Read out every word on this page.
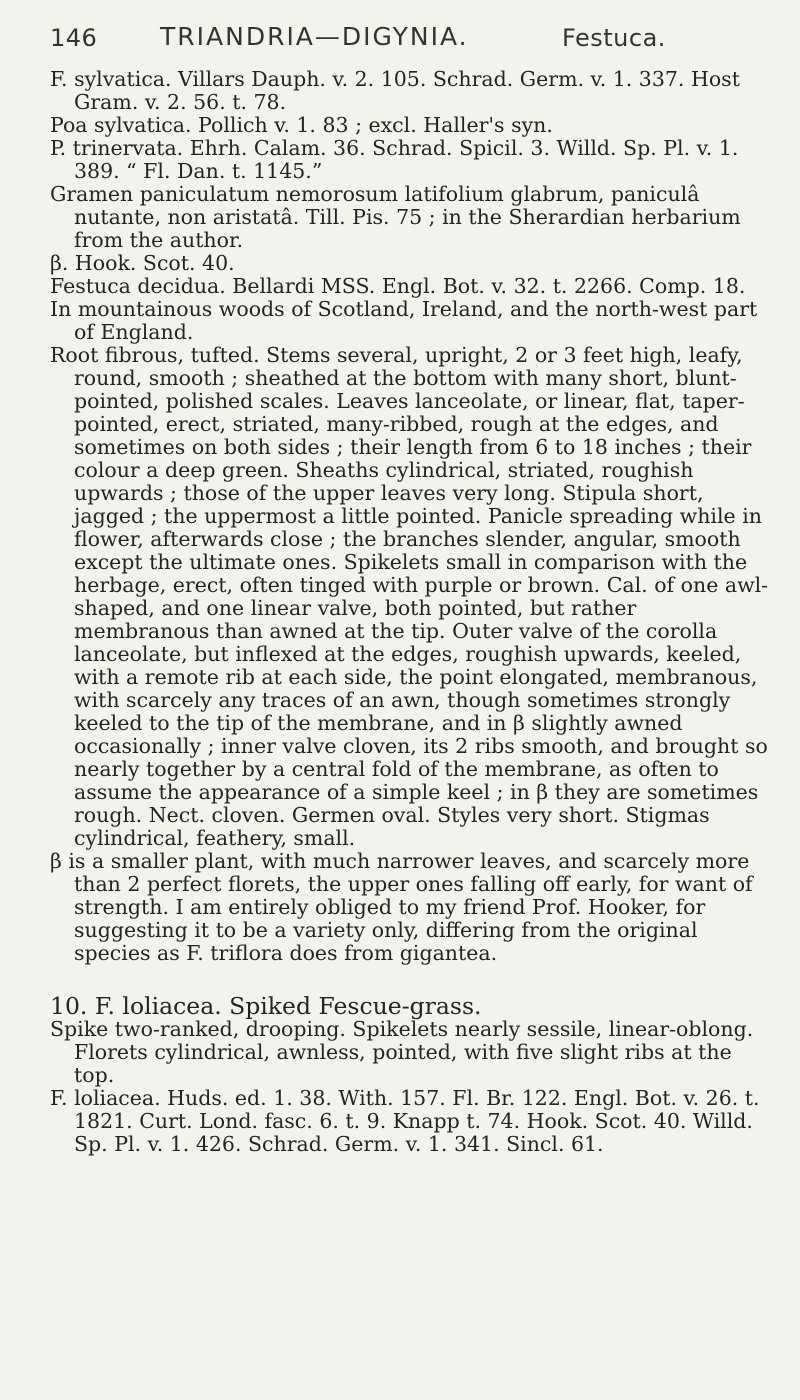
146	TRIANDRIA—DIGYNIA.	Festuca.

F. sylvatica. Villars Dauph. v. 2. 105. Schrad. Germ. v. 1. 337. Host Gram. v. 2. 56. t. 78.

Poa sylvatica. Pollich v. 1. 83 ; excl. Haller's syn.

P. trinervata. Ehrh. Calam. 36. Schrad. Spicil. 3. Willd. Sp. Pl. v. 1. 389. “ Fl. Dan. t. 1145.”

Gramen paniculatum nemorosum latifolium glabrum, paniculâ nutante, non aristatâ. Till. Pis. 75 ; in the Sherardian herbarium from the author.

β. Hook. Scot. 40.

Festuca decidua. Bellardi MSS. Engl. Bot. v. 32. t. 2266. Comp. 18.

In mountainous woods of Scotland, Ireland, and the north-west part of England.

Root fibrous, tufted. Stems several, upright, 2 or 3 feet high, leafy, round, smooth ; sheathed at the bottom with many short, blunt-pointed, polished scales. Leaves lanceolate, or linear, flat, taper-pointed, erect, striated, many-ribbed, rough at the edges, and sometimes on both sides ; their length from 6 to 18 inches ; their colour a deep green. Sheaths cylindrical, striated, roughish upwards ; those of the upper leaves very long. Stipula short, jagged ; the uppermost a little pointed. Panicle spreading while in flower, afterwards close ; the branches slender, angular, smooth except the ultimate ones. Spikelets small in comparison with the herbage, erect, often tinged with purple or brown. Cal. of one awl-shaped, and one linear valve, both pointed, but rather membranous than awned at the tip. Outer valve of the corolla lanceolate, but inflexed at the edges, roughish upwards, keeled, with a remote rib at each side, the point elongated, membranous, with scarcely any traces of an awn, though sometimes strongly keeled to the tip of the membrane, and in β slightly awned occasionally ; inner valve cloven, its 2 ribs smooth, and brought so nearly together by a central fold of the membrane, as often to assume the appearance of a simple keel ; in β they are sometimes rough. Nect. cloven. Germen oval. Styles very short. Stigmas cylindrical, feathery, small.

β is a smaller plant, with much narrower leaves, and scarcely more than 2 perfect florets, the upper ones falling off early, for want of strength. I am entirely obliged to my friend Prof. Hooker, for suggesting it to be a variety only, differing from the original species as F. triflora does from gigantea.

10. F. loliacea. Spiked Fescue-grass.

Spike two-ranked, drooping. Spikelets nearly sessile, linear-oblong. Florets cylindrical, awnless, pointed, with five slight ribs at the top.

F. loliacea. Huds. ed. 1. 38. With. 157. Fl. Br. 122. Engl. Bot. v. 26. t. 1821. Curt. Lond. fasc. 6. t. 9. Knapp t. 74. Hook. Scot. 40. Willd. Sp. Pl. v. 1. 426. Schrad. Germ. v. 1. 341. Sincl. 61.
